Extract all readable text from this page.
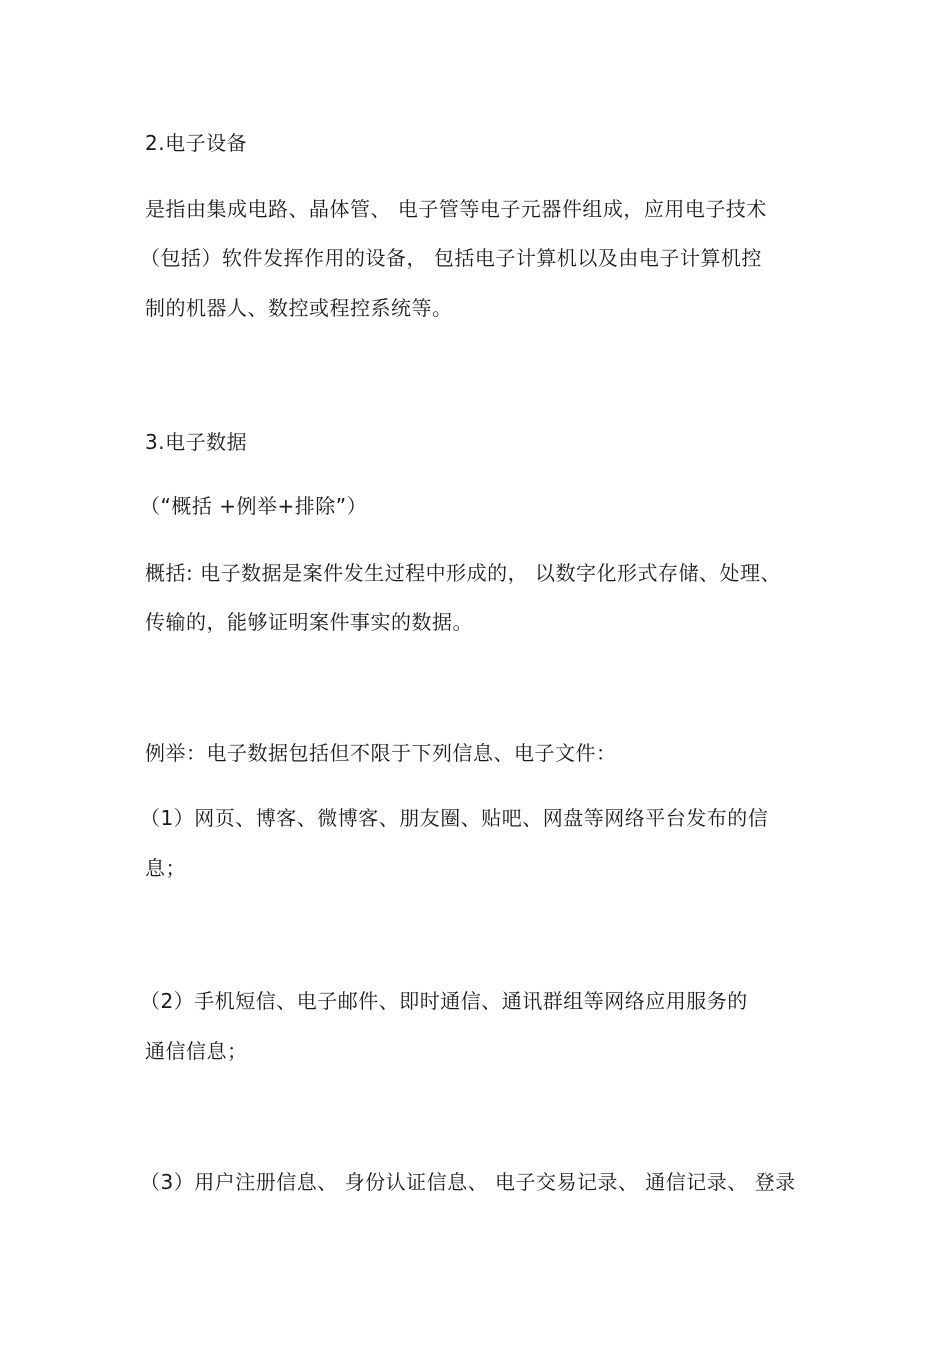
2.电子设备
是指由集成电路、晶体管、 电子管等电子元器件组成，应用电子技术
（包括）软件发挥作用的设备， 包括电子计算机以及由电子计算机控
制的机器人、数控或程控系统等。
3.电子数据
（“概括 +例举+排除”）
概括: 电子数据是案件发生过程中形成的， 以数字化形式存储、处理、
传输的，能够证明案件事实的数据。
例举：电子数据包括但不限于下列信息、电子文件：
（1）网页、博客、微博客、朋友圈、贴吧、网盘等网络平台发布的信
息；
（2）手机短信、电子邮件、即时通信、通讯群组等网络应用服务的
通信信息；
（3）用户注册信息、 身份认证信息、 电子交易记录、 通信记录、 登录
